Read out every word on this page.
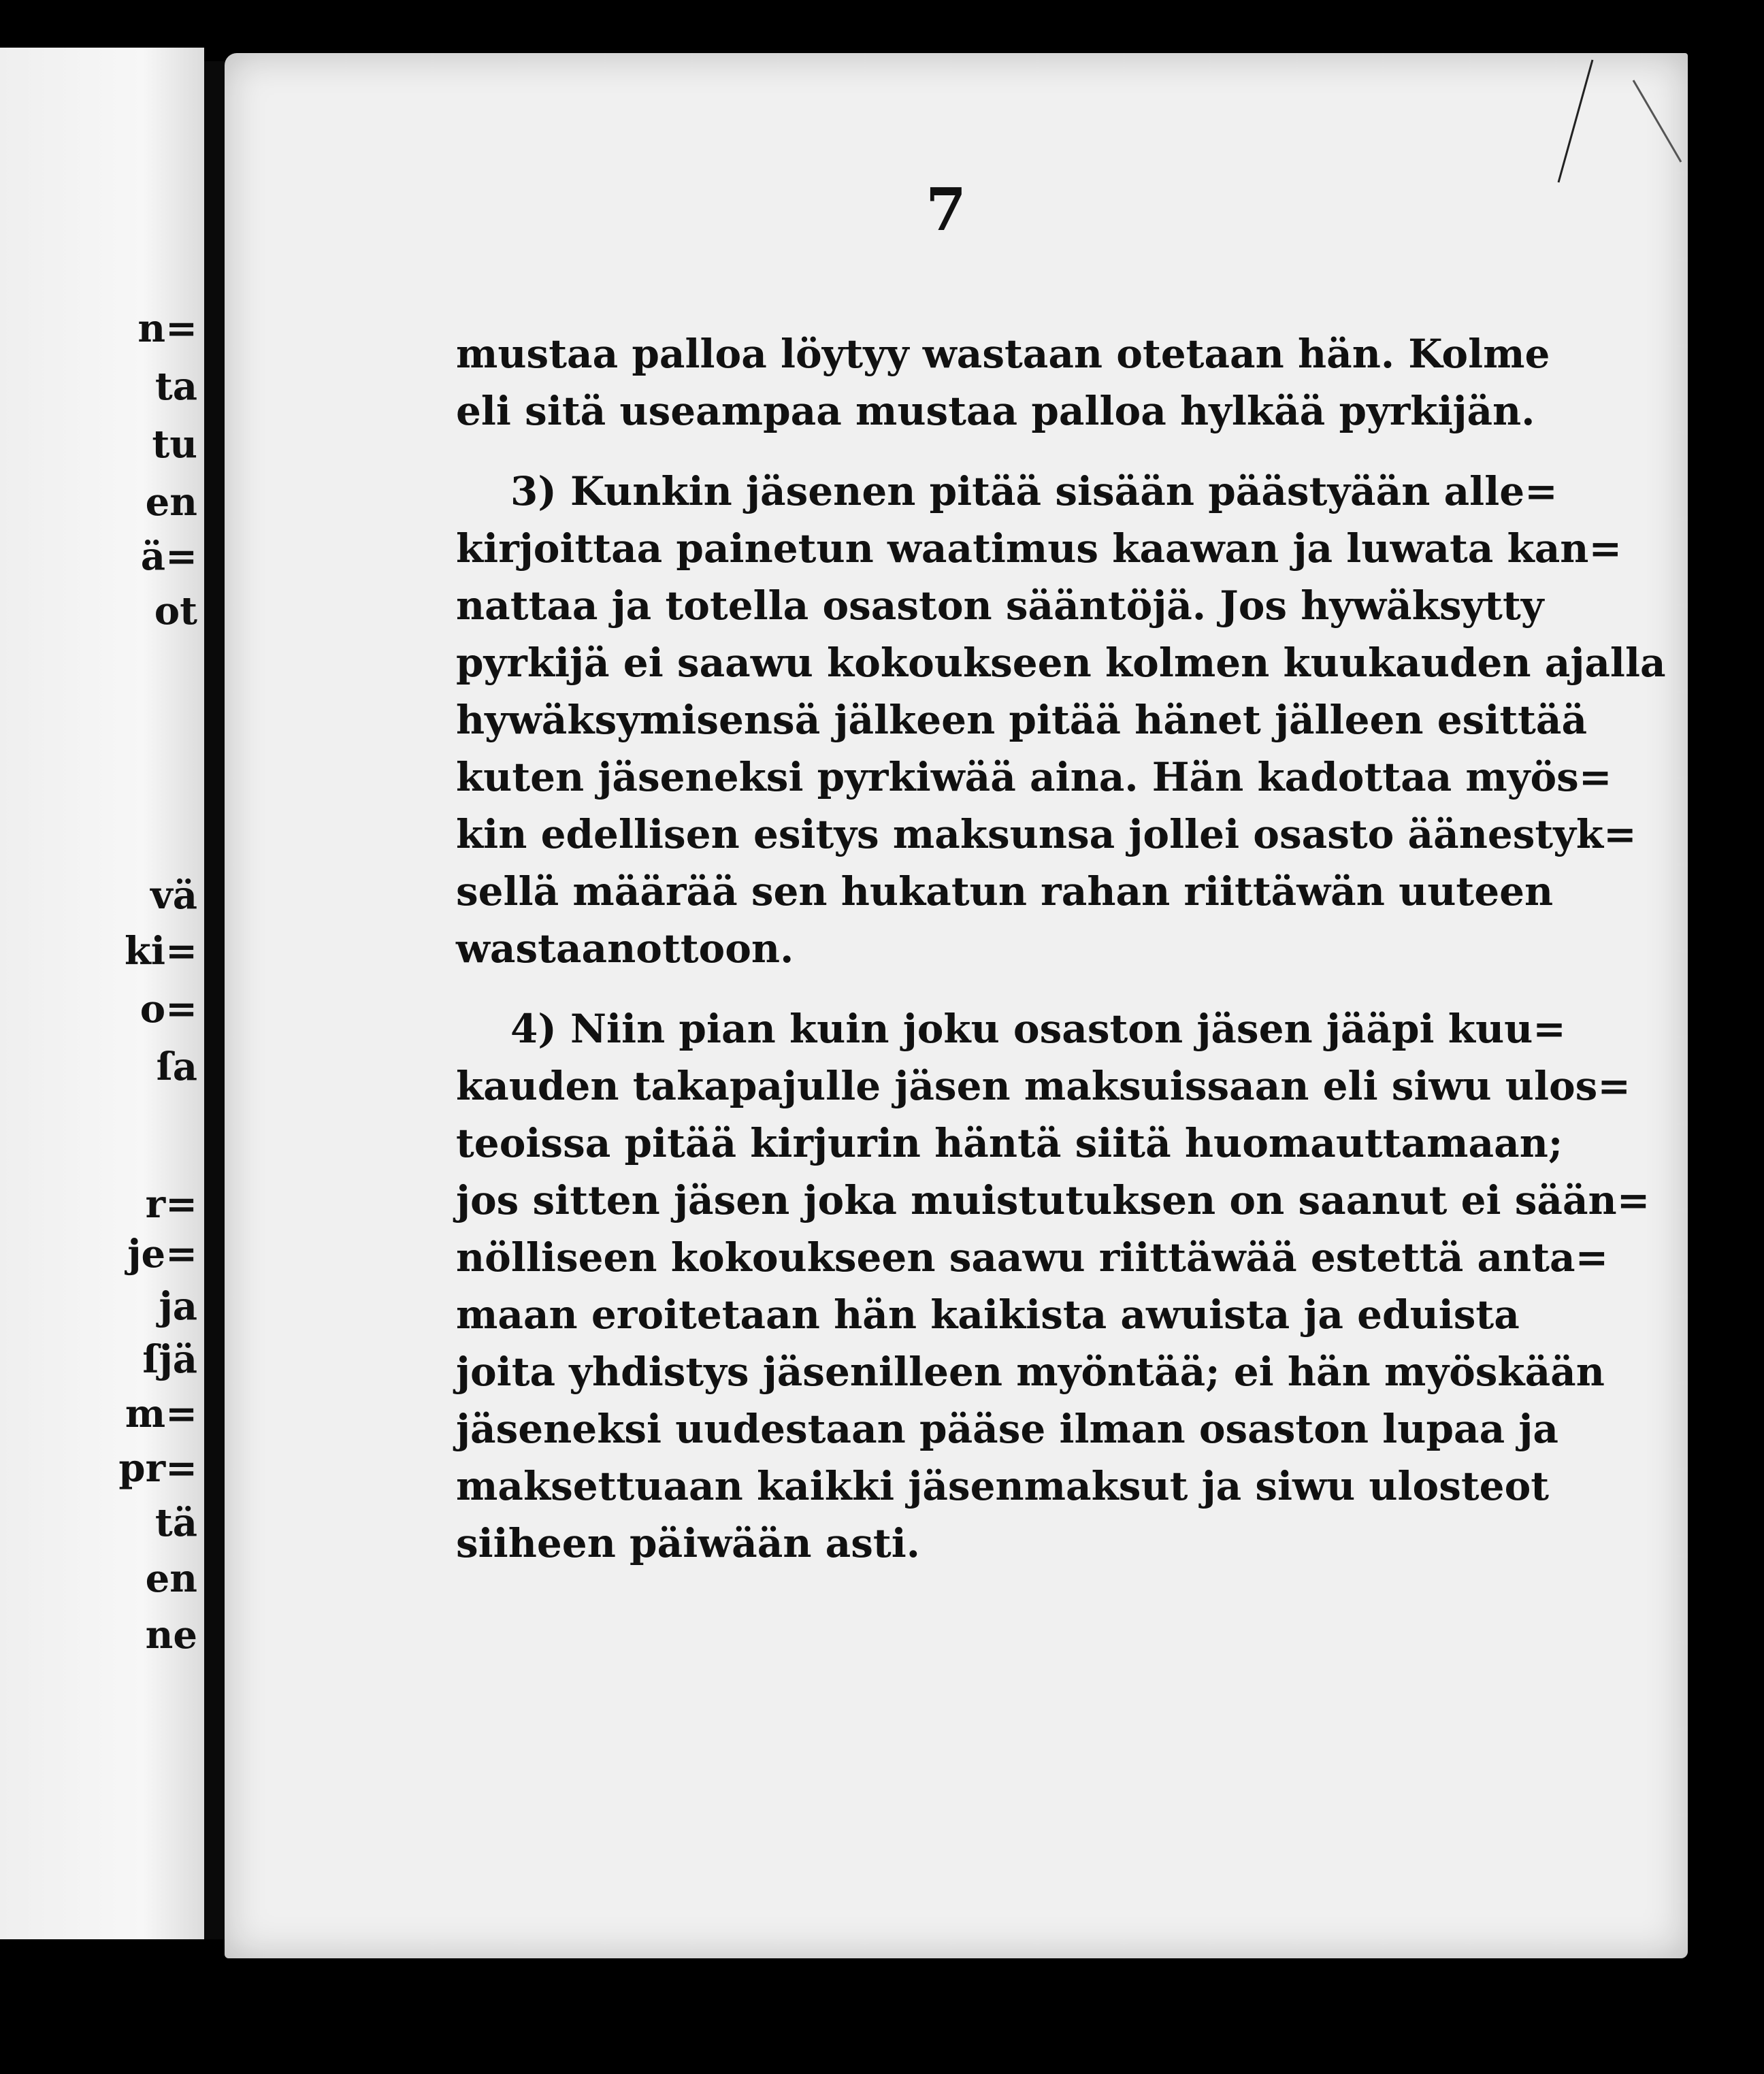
n=
ta
tu
en
ä=
ot
vä
ki=
o=
ſa
r=
je=
ja
ſjä
m=
pr=
tä
en
ne
7
mustaa palloa löytyy wastaan otetaan hän. Kolme
eli sitä useampaa mustaa palloa hylkää pyrkijän.
3) Kunkin jäsenen pitää sisään päästyään alle=
kirjoittaa painetun waatimus kaawan ja luwata kan=
nattaa ja totella osaston sääntöjä. Jos hywäksytty
pyrkijä ei saawu kokoukseen kolmen kuukauden ajalla
hywäksymisensä jälkeen pitää hänet jälleen esittää
kuten jäseneksi pyrkiwää aina. Hän kadottaa myös=
kin edellisen esitys maksunsa jollei osasto äänestyk=
sellä määrää sen hukatun rahan riittäwän uuteen
wastaanottoon.
4) Niin pian kuin joku osaston jäsen jääpi kuu=
kauden takapajulle jäsen maksuissaan eli siwu ulos=
teoissa pitää kirjurin häntä siitä huomauttamaan;
jos sitten jäsen joka muistutuksen on saanut ei sään=
nölliseen kokoukseen saawu riittäwää estettä anta=
maan eroitetaan hän kaikista awuista ja eduista
joita yhdistys jäsenilleen myöntää; ei hän myöskään
jäseneksi uudestaan pääse ilman osaston lupaa ja
maksettuaan kaikki jäsenmaksut ja siwu ulosteot
siiheen päiwään asti.
